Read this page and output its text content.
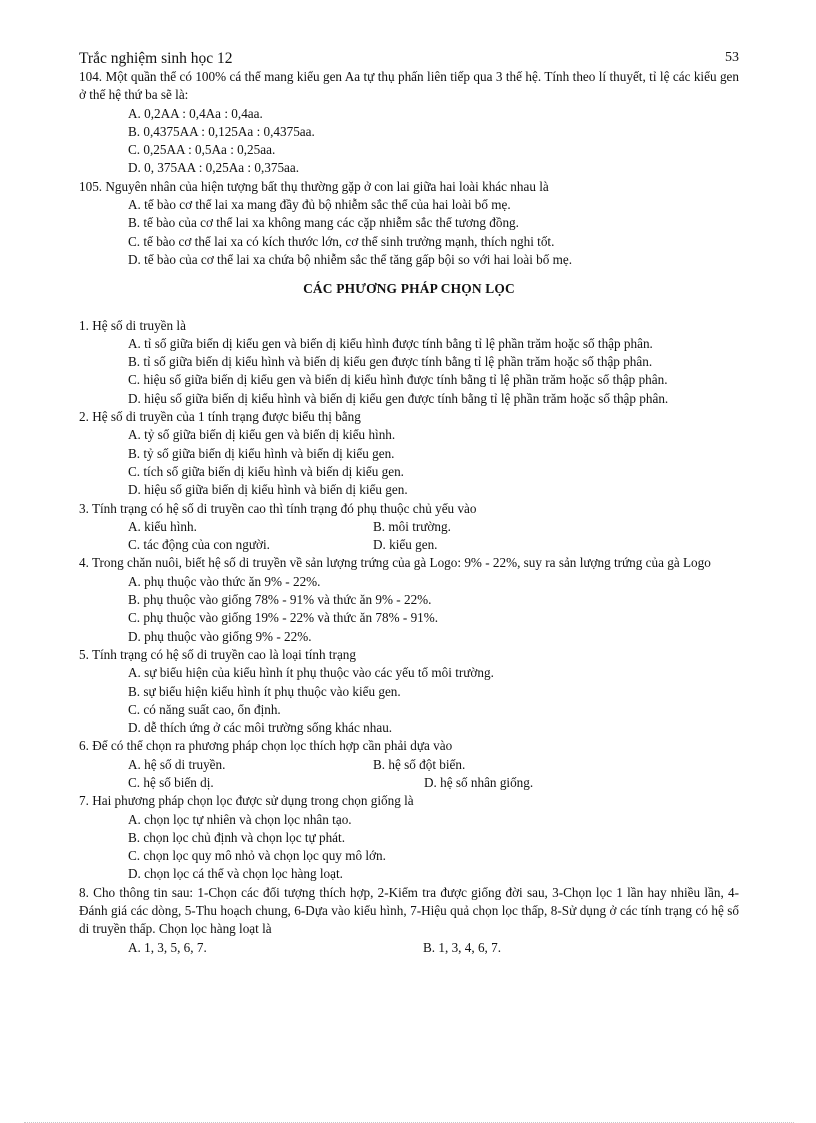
Trắc nghiệm sinh học 12	53

104. Một quần thể có 100% cá thể mang kiểu gen Aa tự thụ phấn liên tiếp qua 3 thế hệ. Tính theo lí thuyết, tỉ lệ các kiểu gen ở thế hệ thứ ba sẽ là:

A. 0,2AA : 0,4Aa : 0,4aa.

B. 0,4375AA : 0,125Aa : 0,4375aa.

C. 0,25AA : 0,5Aa : 0,25aa.

D. 0, 375AA : 0,25Aa : 0,375aa.

105. Nguyên nhân của hiện tượng bất thụ thường gặp ở con lai giữa hai loài khác nhau là

A. tế bào cơ thể lai xa mang đầy đủ bộ nhiễm sắc thể của hai loài bố mẹ.

B. tế bào của cơ thể lai xa không mang các cặp nhiễm sắc thể tương đồng.

C. tế bào cơ thể lai xa có kích thước lớn, cơ thể sinh trưởng mạnh, thích nghi tốt.

D. tế bào của cơ thể lai xa chứa bộ nhiễm sắc thể tăng gấp bội so với hai loài bố mẹ.

CÁC PHƯƠNG PHÁP CHỌN LỌC

1. Hệ số di truyền là

A. tỉ số giữa biến dị kiểu gen và biến dị kiểu hình được tính bằng tỉ lệ phần trăm hoặc số thập phân.

B. tỉ số giữa biến dị kiểu hình và biến dị kiểu gen được tính bằng tỉ lệ phần trăm hoặc số thập phân.

C. hiệu số giữa biến dị kiểu gen và biến dị kiểu hình được tính bằng tỉ lệ phần trăm hoặc số thập phân.

D. hiệu số giữa biến dị kiểu hình và biến dị kiểu gen được tính bằng tỉ lệ phần trăm hoặc số thập phân.

2. Hệ số di truyền của 1 tính trạng được biểu thị bằng

A. tỷ số giữa biến dị kiểu gen và biến dị kiểu hình.

B. tỷ số giữa biến dị kiểu hình và biến dị kiểu gen.

C. tích số giữa biến dị kiểu hình và biến dị kiểu gen.

D. hiệu số giữa biến dị kiểu hình và biến dị kiểu gen.

3. Tính trạng có hệ số di truyền cao thì tính trạng đó phụ thuộc chủ yếu vào

A. kiểu hình.	B. môi trường.
C. tác động của con người.	D. kiểu gen.

4. Trong chăn nuôi, biết hệ số di truyền về sản lượng trứng của gà Logo: 9% - 22%, suy ra sản lượng trứng của gà Logo

A. phụ thuộc vào thức ăn 9% - 22%.

B. phụ thuộc vào giống 78% - 91% và thức ăn 9% - 22%.

C. phụ thuộc vào giống 19% - 22% và thức ăn 78% - 91%.

D. phụ thuộc vào giống 9% - 22%.

5. Tính trạng có hệ số di truyền cao là loại tính trạng

A. sự biểu hiện của kiểu hình ít phụ thuộc vào các yếu tố môi trường.

B. sự biểu hiện kiểu hình ít phụ thuộc vào kiểu gen.

C. có năng suất cao, ổn định.

D. dễ thích ứng ở các môi trường sống khác nhau.

6. Để có thể chọn ra phương pháp chọn lọc thích hợp cần phải dựa vào

A. hệ số di truyền.	B. hệ số đột biến.
C. hệ số biến dị.	D. hệ số nhân giống.

7. Hai phương pháp chọn lọc được sử dụng trong chọn giống là

A. chọn lọc tự nhiên và chọn lọc nhân tạo.

B. chọn lọc chủ định và chọn lọc tự phát.

C. chọn lọc quy mô nhỏ và chọn lọc quy mô lớn.

D. chọn lọc cá thể và chọn lọc hàng loạt.

8. Cho thông tin sau: 1-Chọn các đối tượng thích hợp, 2-Kiểm tra được giống đời sau, 3-Chọn lọc 1 lần hay nhiều lần, 4-Đánh giá các dòng, 5-Thu hoạch chung, 6-Dựa vào kiểu hình, 7-Hiệu quả chọn lọc thấp, 8-Sử dụng ở các tính trạng có hệ số di truyền thấp. Chọn lọc hàng loạt là

A. 1, 3, 5, 6, 7.	B. 1, 3, 4, 6, 7.
